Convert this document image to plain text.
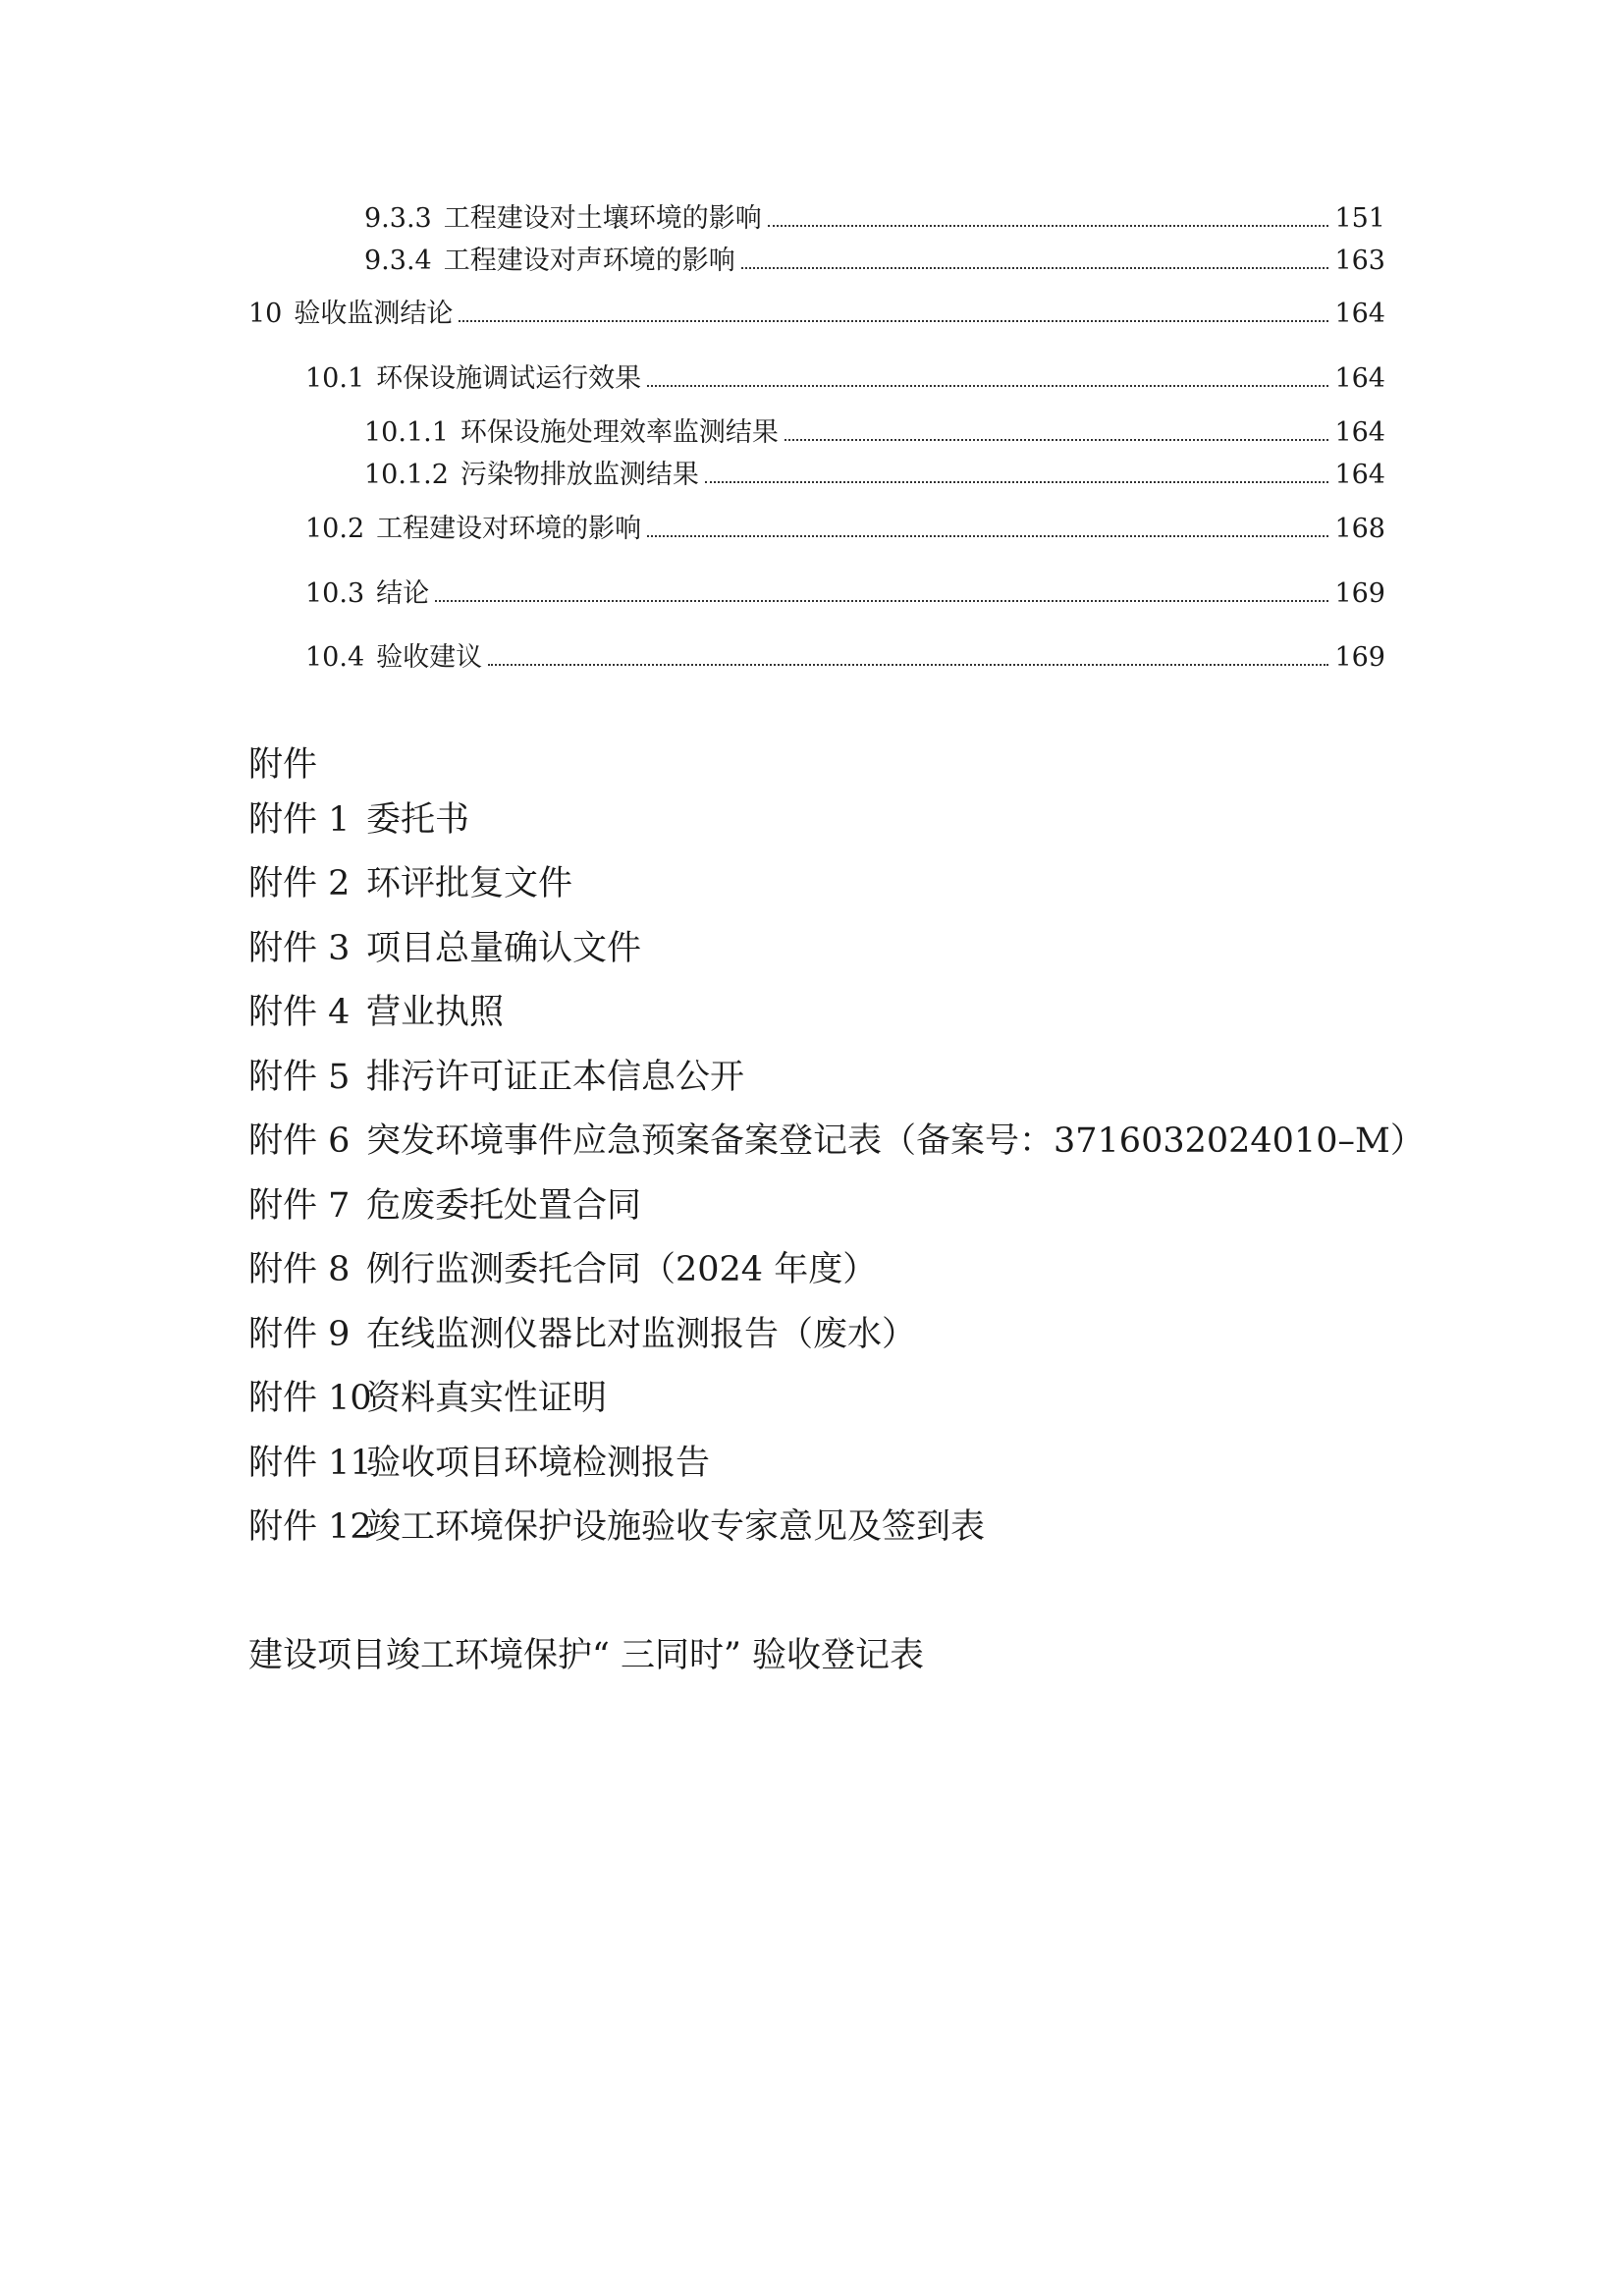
9.3.3 工程建设对土壤环境的影响	151
9.3.4 工程建设对声环境的影响	163
10 验收监测结论	164
10.1 环保设施调试运行效果	164
10.1.1 环保设施处理效率监测结果	164
10.1.2 污染物排放监测结果	164
10.2 工程建设对环境的影响	168
10.3 结论	169
10.4 验收建议	169
附件
附件 1 委托书
附件 2 环评批复文件
附件 3 项目总量确认文件
附件 4 营业执照
附件 5 排污许可证正本信息公开
附件 6 突发环境事件应急预案备案登记表（备案号：3716032024010–M）
附件 7 危废委托处置合同
附件 8 例行监测委托合同（2024 年度）
附件 9 在线监测仪器比对监测报告（废水）
附件 10资料真实性证明
附件 11验收项目环境检测报告
附件 12竣工环境保护设施验收专家意见及签到表
建设项目竣工环境保护“ 三同时” 验收登记表
